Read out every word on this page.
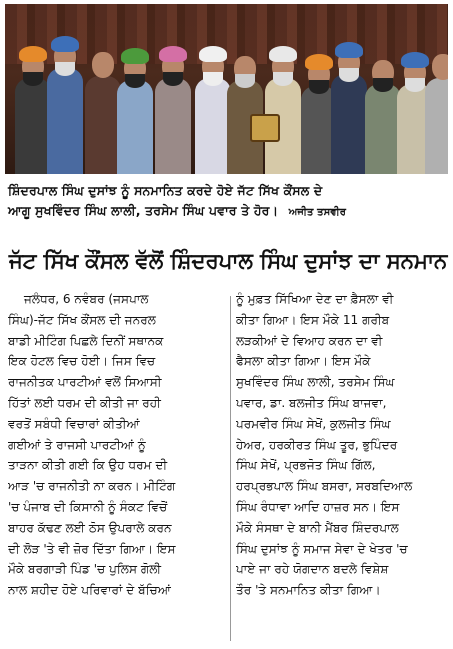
ਸ਼ਿੰਦਰਪਾਲ ਸਿੰਘ ਦੁਸਾਂਝ ਨੂੰ ਸਨਮਾਨਿਤ ਕਰਦੇ ਹੋਏ ਜੱਟ ਸਿੱਖ ਕੌਂਸਲ ਦੇ
ਆਗੂ ਸੁਖਵਿੰਦਰ ਸਿੰਘ ਲਾਲੀ, ਤਰਸੇਮ ਸਿੰਘ ਪਵਾਰ ਤੇ ਹੋਰ। ਅਜੀਤ ਤਸਵੀਰ
ਜੱਟ ਸਿੱਖ ਕੌਂਸਲ ਵੱਲੋਂ ਸ਼ਿੰਦਰਪਾਲ ਸਿੰਘ ਦੁਸਾਂਝ ਦਾ ਸਨਮਾਨ
ਜਲੰਧਰ, 6 ਨਵੰਬਰ (ਜਸਪਾਲ
ਸਿੰਘ)-ਜੱਟ ਸਿੱਖ ਕੌਂਸਲ ਦੀ ਜਨਰਲ
ਬਾਡੀ ਮੀਟਿੰਗ ਪਿਛਲੇ ਦਿਨੀਂ ਸਥਾਨਕ
ਇਕ ਹੋਟਲ ਵਿਚ ਹੋਈ। ਜਿਸ ਵਿਚ
ਰਾਜਨੀਤਕ ਪਾਰਟੀਆਂ ਵਲੋਂ ਸਿਆਸੀ
ਹਿੱਤਾਂ ਲਈ ਧਰਮ ਦੀ ਕੀਤੀ ਜਾ ਰਹੀ
ਵਰਤੋਂ ਸਬੰਧੀ ਵਿਚਾਰਾਂ ਕੀਤੀਆਂ
ਗਈਆਂ ਤੇ ਰਾਜਸੀ ਪਾਰਟੀਆਂ ਨੂੰ
ਤਾੜਨਾ ਕੀਤੀ ਗਈ ਕਿ ਉਹ ਧਰਮ ਦੀ
ਆੜ 'ਚ ਰਾਜਨੀਤੀ ਨਾ ਕਰਨ। ਮੀਟਿੰਗ
'ਚ ਪੰਜਾਬ ਦੀ ਕਿਸਾਨੀ ਨੂੰ ਸੰਕਟ ਵਿਚੋਂ
ਬਾਹਰ ਕੱਢਣ ਲਈ ਠੋਸ ਉਪਰਾਲੇ ਕਰਨ
ਦੀ ਲੋੜ 'ਤੇ ਵੀ ਜ਼ੋਰ ਦਿੱਤਾ ਗਿਆ। ਇਸ
ਮੌਕੇ ਬਰਗਾੜੀ ਪਿੰਡ 'ਚ ਪੁਲਿਸ ਗੋਲੀ
ਨਾਲ ਸ਼ਹੀਦ ਹੋਏ ਪਰਿਵਾਰਾਂ ਦੇ ਬੱਚਿਆਂ
ਨੂੰ ਮੁਫ਼ਤ ਸਿੱਖਿਆ ਦੇਣ ਦਾ ਫ਼ੈਸਲਾ ਵੀ
ਕੀਤਾ ਗਿਆ। ਇਸ ਮੌਕੇ 11 ਗਰੀਬ
ਲੜਕੀਆਂ ਦੇ ਵਿਆਹ ਕਰਨ ਦਾ ਵੀ
ਫੈਸਲਾ ਕੀਤਾ ਗਿਆ। ਇਸ ਮੌਕੇ
ਸੁਖਵਿੰਦਰ ਸਿੰਘ ਲਾਲੀ, ਤਰਸੇਮ ਸਿੰਘ
ਪਵਾਰ, ਡਾ. ਬਲਜੀਤ ਸਿੰਘ ਬਾਜਵਾ,
ਪਰਮਵੀਰ ਸਿੰਘ ਸੇਖੋਂ, ਕੁਲਜੀਤ ਸਿੰਘ
ਹੇਅਰ, ਹਰਕੀਰਤ ਸਿੰਘ ਤੂਰ, ਭੁਪਿੰਦਰ
ਸਿੰਘ ਸੇਖੋਂ, ਪ੍ਰਭਜੋਤ ਸਿੰਘ ਗਿੱਲ,
ਹਰਪ੍ਰਭਪਾਲ ਸਿੰਘ ਬਸਰਾ, ਸਰਬਦਿਆਲ
ਸਿੰਘ ਰੰਧਾਵਾ ਆਦਿ ਹਾਜ਼ਰ ਸਨ। ਇਸ
ਮੌਕੇ ਸੰਸਥਾ ਦੇ ਬਾਨੀ ਮੈਂਬਰ ਸ਼ਿੰਦਰਪਾਲ
ਸਿੰਘ ਦੁਸਾਂਝ ਨੂੰ ਸਮਾਜ ਸੇਵਾ ਦੇ ਖੇਤਰ 'ਚ
ਪਾਏ ਜਾ ਰਹੇ ਯੋਗਦਾਨ ਬਦਲੇ ਵਿਸ਼ੇਸ਼
ਤੌਰ 'ਤੇ ਸਨਮਾਨਿਤ ਕੀਤਾ ਗਿਆ।
